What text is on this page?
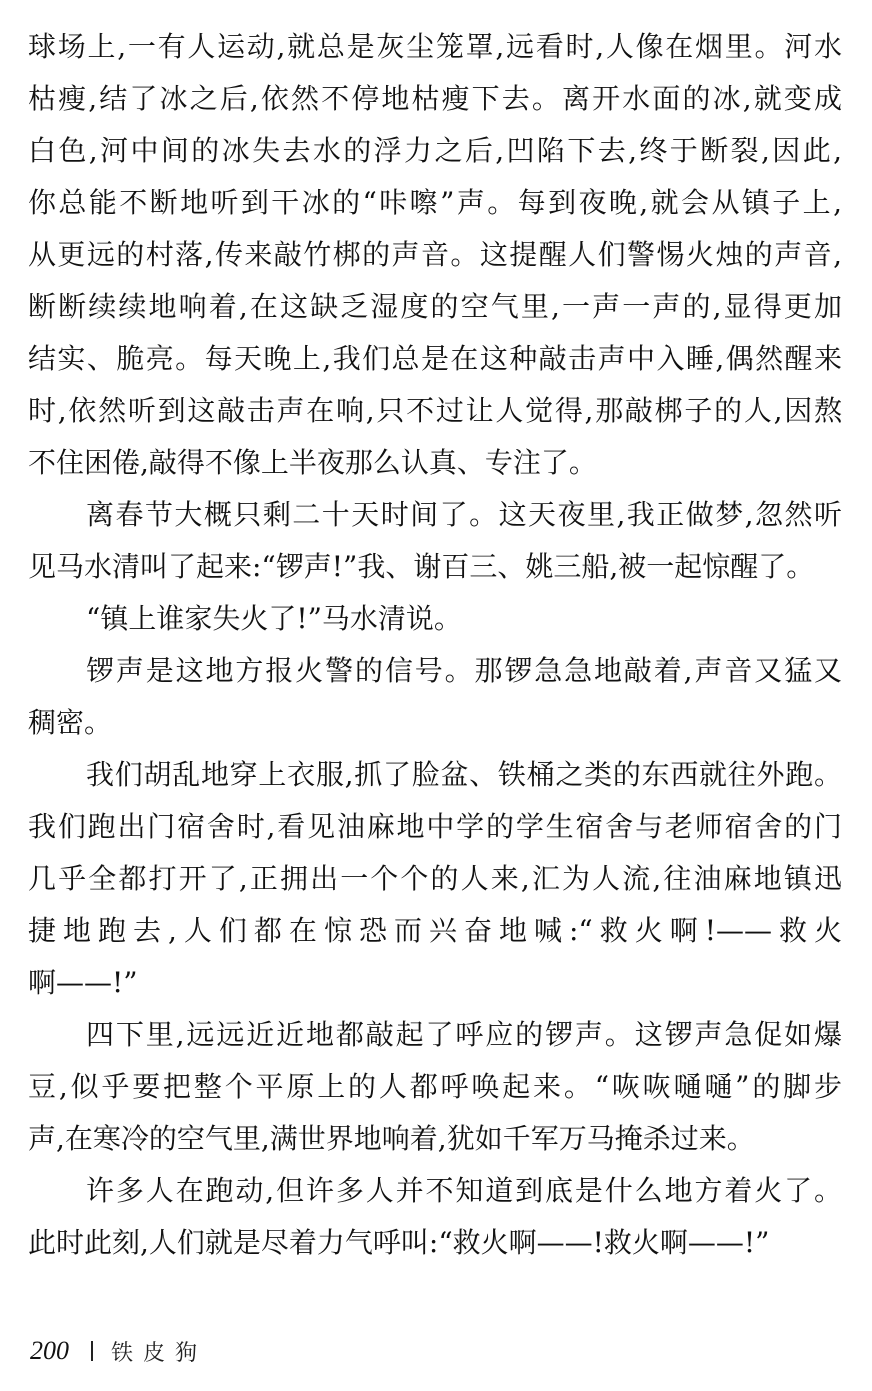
球场上,一有人运动,就总是灰尘笼罩,远看时,人像在烟里。河水
枯瘦,结了冰之后,依然不停地枯瘦下去。离开水面的冰,就变成
白色,河中间的冰失去水的浮力之后,凹陷下去,终于断裂,因此,
你总能不断地听到干冰的“咔嚓”声。每到夜晚,就会从镇子上,
从更远的村落,传来敲竹梆的声音。这提醒人们警惕火烛的声音,
断断续续地响着,在这缺乏湿度的空气里,一声一声的,显得更加
结实、脆亮。每天晚上,我们总是在这种敲击声中入睡,偶然醒来
时,依然听到这敲击声在响,只不过让人觉得,那敲梆子的人,因熬
不住困倦,敲得不像上半夜那么认真、专注了。
离春节大概只剩二十天时间了。这天夜里,我正做梦,忽然听
见马水清叫了起来:“锣声!”我、谢百三、姚三船,被一起惊醒了。
“镇上谁家失火了!”马水清说。
锣声是这地方报火警的信号。那锣急急地敲着,声音又猛又
稠密。
我们胡乱地穿上衣服,抓了脸盆、铁桶之类的东西就往外跑。
我们跑出门宿舍时,看见油麻地中学的学生宿舍与老师宿舍的门
几乎全都打开了,正拥出一个个的人来,汇为人流,往油麻地镇迅
捷地跑去,人们都在惊恐而兴奋地喊:“救火啊!——救火
啊——!”
四下里,远远近近地都敲起了呼应的锣声。这锣声急促如爆
豆,似乎要把整个平原上的人都呼唤起来。“咴咴嗵嗵”的脚步
声,在寒冷的空气里,满世界地响着,犹如千军万马掩杀过来。
许多人在跑动,但许多人并不知道到底是什么地方着火了。
此时此刻,人们就是尽着力气呼叫:“救火啊——!救火啊——!”
200 铁皮狗
